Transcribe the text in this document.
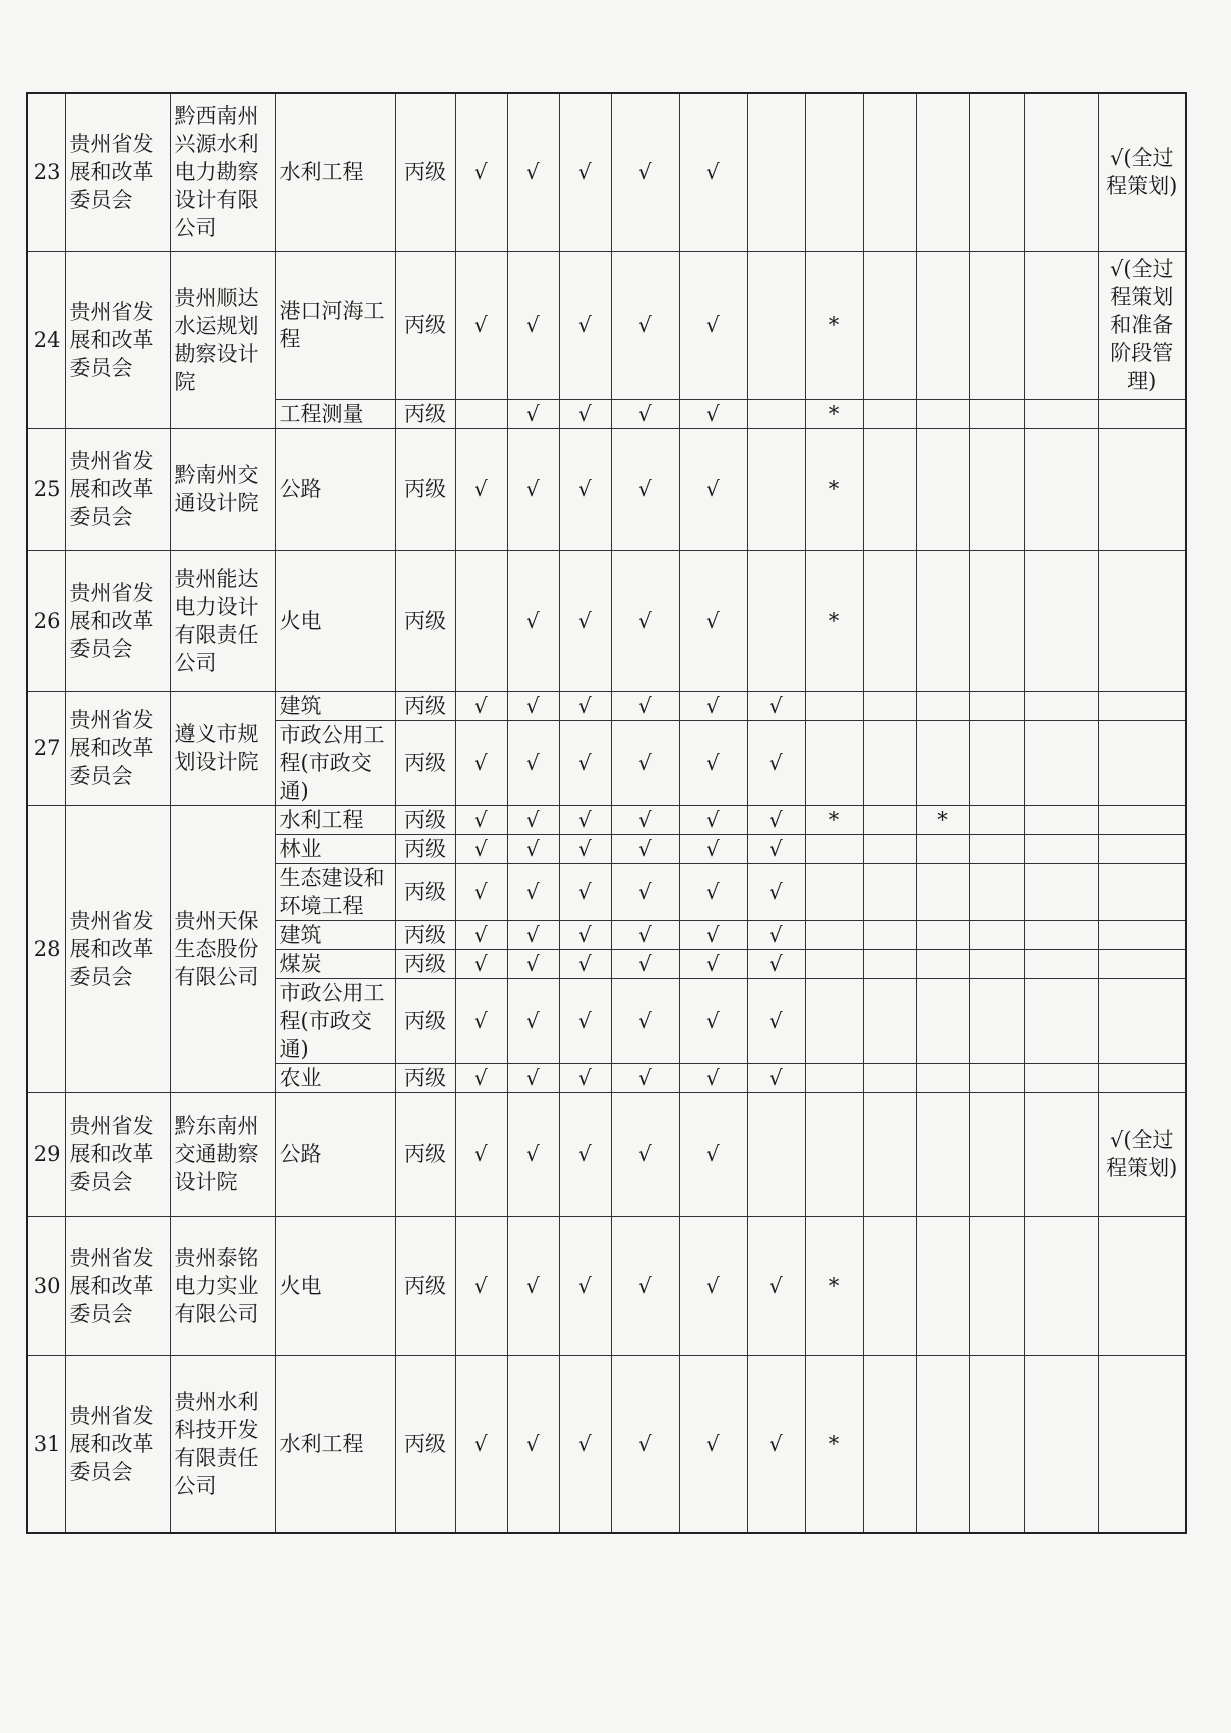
23	贵州省发
展和改革
委员会	黔西南州
兴源水利
电力勘察
设计有限
公司	水利工程	丙级	√	√	√	√	√							√(全过
程策划)

24	贵州省发
展和改革
委员会	贵州顺达
水运规划
勘察设计
院	港口河海工程	丙级	√	√	√	√	√		*					√(全过
程策划
和准备
阶段管
理)

			工程测量	丙级		√	√	√	√		*					
25	贵州省发
展和改革
委员会	黔南州交
通设计院	公路	丙级	√	√	√	√	√		*					
26	贵州省发
展和改革
委员会	贵州能达
电力设计
有限责任
公司	火电	丙级		√	√	√	√		*					
27	贵州省发
展和改革
委员会	遵义市规
划设计院	建筑	丙级	√	√	√	√	√	√						
			市政公用工程(市政交通)	丙级	√	√	√	√	√	√						
28	贵州省发
展和改革
委员会	贵州天保
生态股份
有限公司	水利工程	丙级	√	√	√	√	√	√	*		*			
			林业	丙级	√	√	√	√	√	√						
			生态建设和环境工程	丙级	√	√	√	√	√	√						
			建筑	丙级	√	√	√	√	√	√						
			煤炭	丙级	√	√	√	√	√	√						
			市政公用工程(市政交通)	丙级	√	√	√	√	√	√						
			农业	丙级	√	√	√	√	√	√						
29	贵州省发
展和改革
委员会	黔东南州
交通勘察
设计院	公路	丙级	√	√	√	√	√							√(全过
程策划)

30	贵州省发
展和改革
委员会	贵州泰铭
电力实业
有限公司	火电	丙级	√	√	√	√	√	√	*					
31	贵州省发
展和改革
委员会	贵州水利
科技开发
有限责任
公司	水利工程	丙级	√	√	√	√	√	√	*					
